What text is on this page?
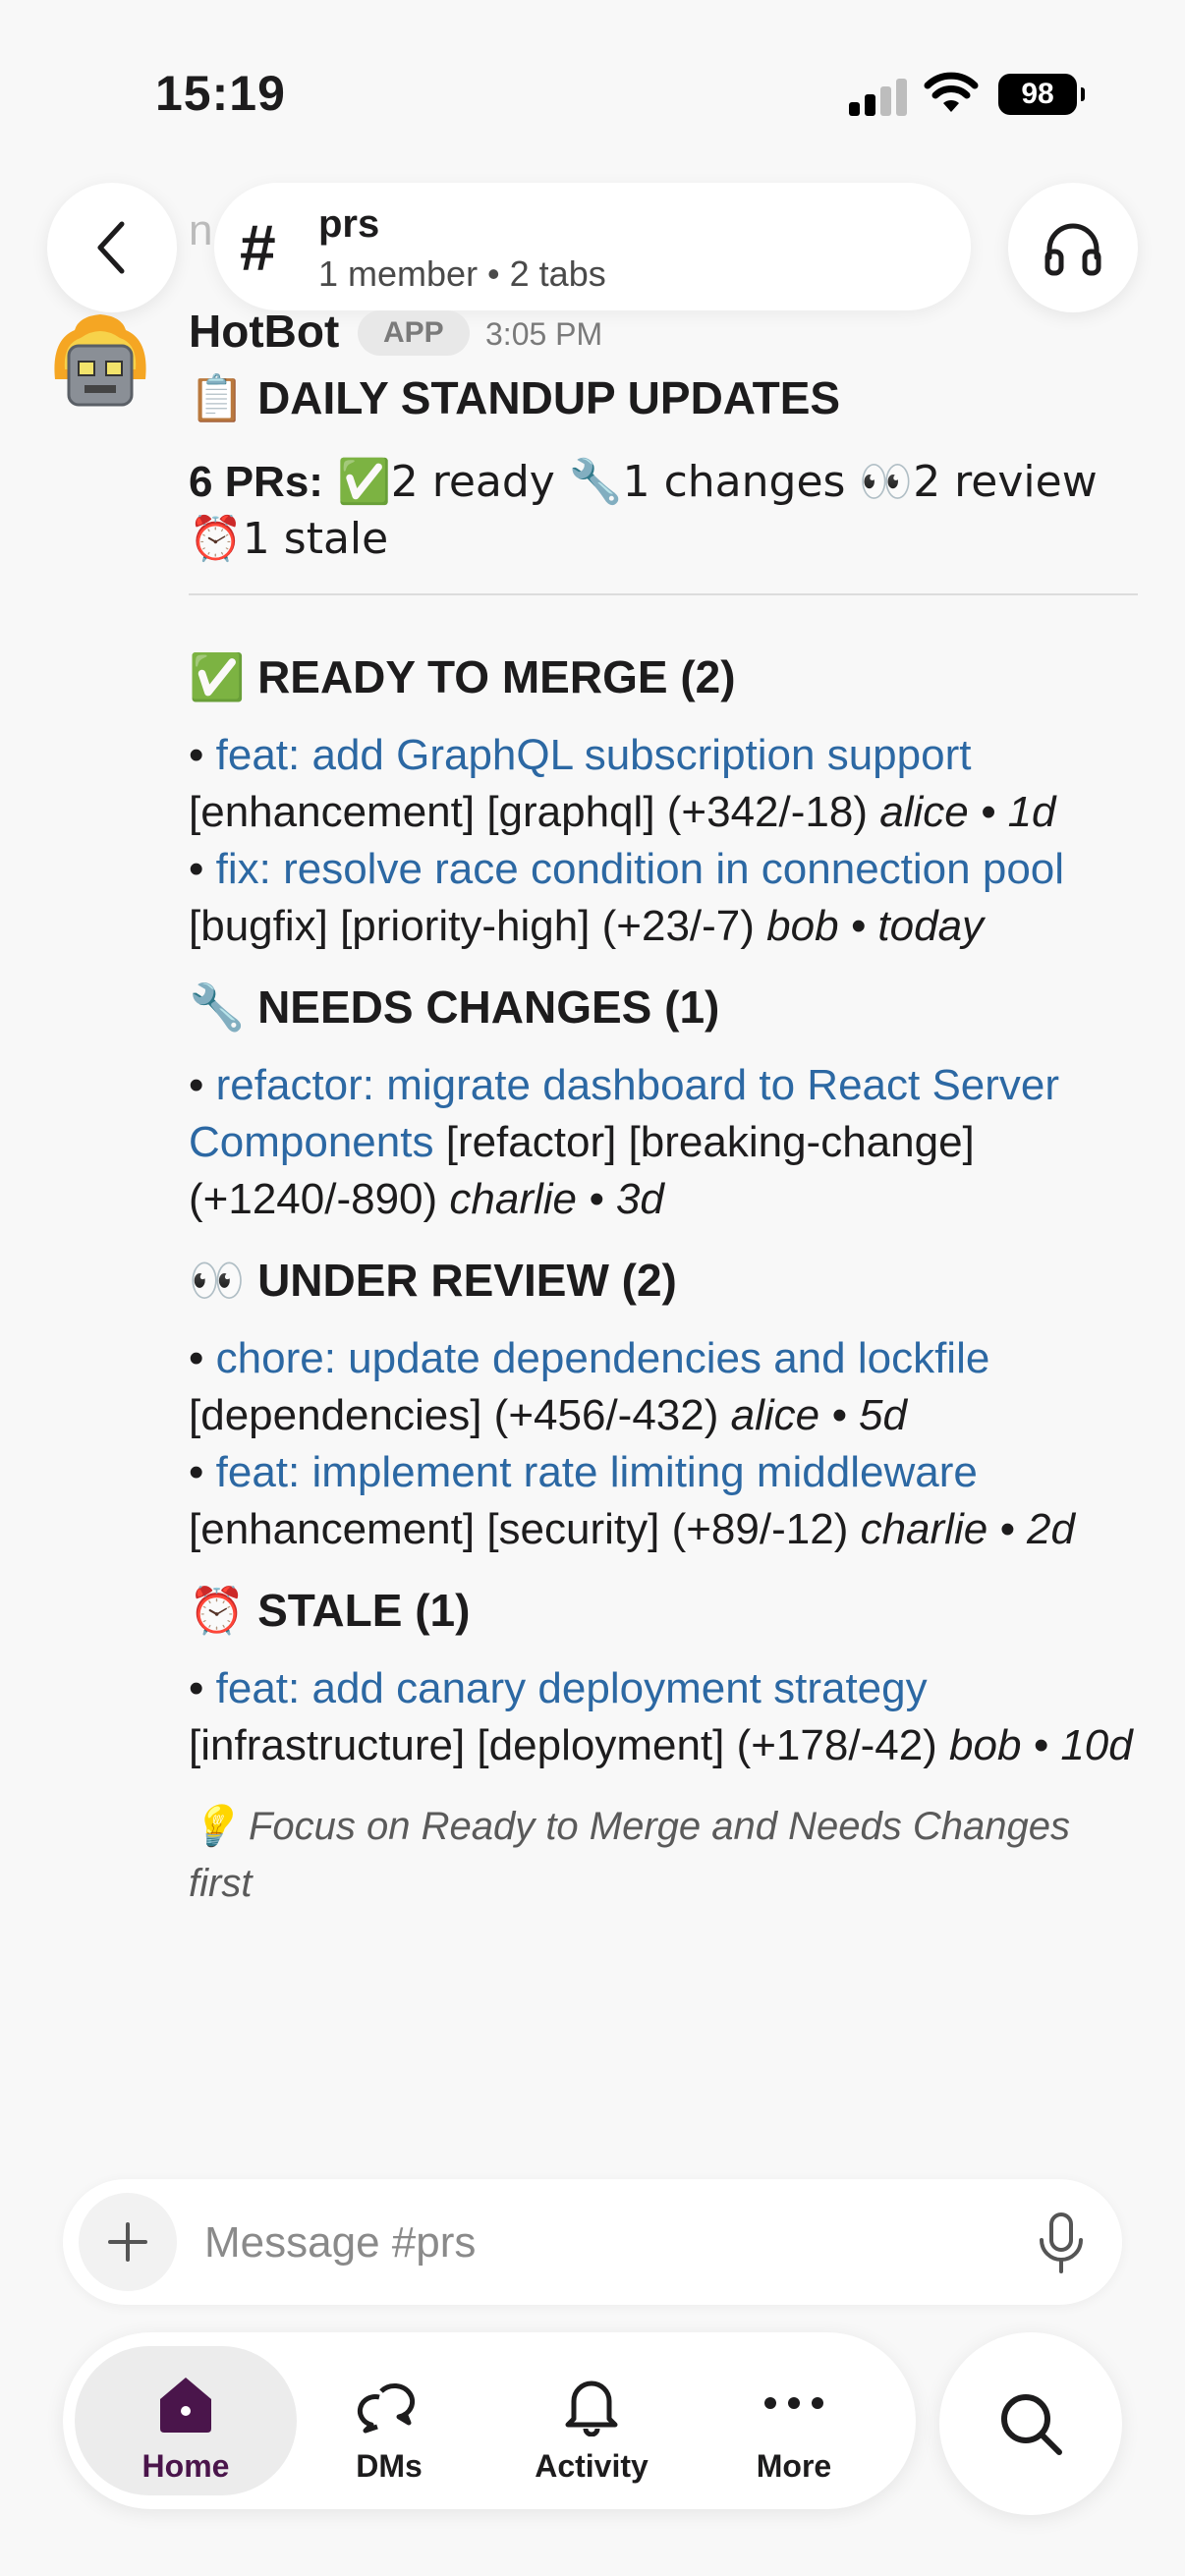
15:19	98
n # prs
1 member • 2 tabs
HotBot	APP	3:05 PM

📋 DAILY STANDUP UPDATES

6 PRs: ✅2 ready 🔧1 changes 👀2 review ⏰1 stale

✅ READY TO MERGE (2)

• feat: add GraphQL subscription support [enhancement] [graphql] (+342/-18) alice • 1d

• fix: resolve race condition in connection pool [bugfix] [priority-high] (+23/-7) bob • today

🔧 NEEDS CHANGES (1)

• refactor: migrate dashboard to React Server Components [refactor] [breaking-change] (+1240/-890) charlie • 3d

👀 UNDER REVIEW (2)

• chore: update dependencies and lockfile [dependencies] (+456/-432) alice • 5d

• feat: implement rate limiting middleware [enhancement] [security] (+89/-12) charlie • 2d

⏰ STALE (1)

• feat: add canary deployment strategy [infrastructure] [deployment] (+178/-42) bob • 10d

💡 Focus on Ready to Merge and Needs Changes first

Message #prs
Home	DMs	Activity	More
